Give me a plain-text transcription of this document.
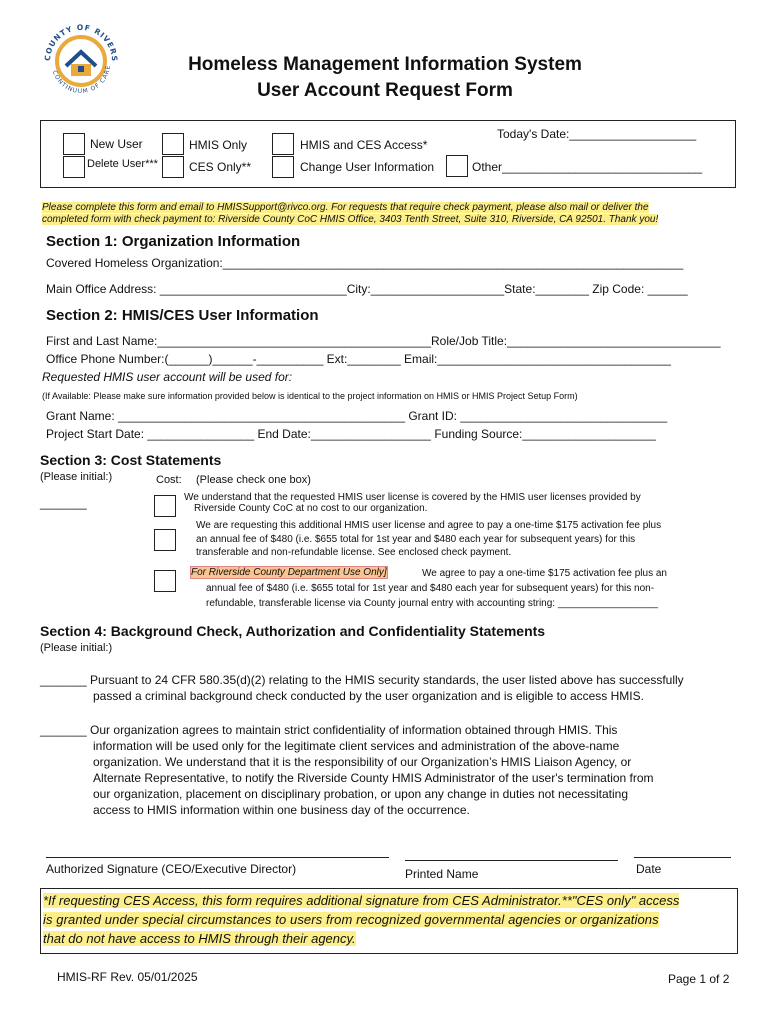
COUNTY OF RIVERS
CONTINUUM OF CARE	Homeless Management Information System
User Account Request Form
New User
Delete User***
HMIS Only
CES Only**
HMIS and CES Access*
Change User Information
Today's Date:___________________
Other______________________________
Please complete this form and email to HMISSupport@rivco.org. For requests that require check payment, please also mail or deliver the
completed form with check payment to: Riverside County CoC HMIS Office, 3403 Tenth Street, Suite 310, Riverside, CA 92501. Thank you!
Section 1: Organization Information
Covered Homeless Organization:_____________________________________________________________________
Main Office Address: ____________________________City:____________________State:________ Zip Code: ______
Section 2: HMIS/CES User Information
First and Last Name:_________________________________________Role/Job Title:________________________________
Office Phone Number:(______)______-__________ Ext:________ Email:___________________________________
Requested HMIS user account will be used for:
(If Available: Please make sure information provided below is identical to the project information on HMIS or HMIS Project Setup Form)
Grant Name: ___________________________________________ Grant ID: _______________________________
Project Start Date: ________________ End Date:__________________ Funding Source:____________________
Section 3: Cost Statements
(Please initial:)	Cost: (Please check one box)
_______	We understand that the requested HMIS user license is covered by the HMIS user licenses provided by
Riverside County CoC at no cost to our organization.
We are requesting this additional HMIS user license and agree to pay a one-time $175 activation fee plus
an annual fee of $480 (i.e. $655 total for 1st year and $480 each year for subsequent years) for this
transferable and non-refundable license. See enclosed check payment.
For Riverside County Department Use Only]	We agree to pay a one-time $175 activation fee plus an
annual fee of $480 (i.e. $655 total for 1st year and $480 each year for subsequent years) for this non-
refundable, transferable license via County journal entry with accounting string: __________________
Section 4: Background Check, Authorization and Confidentiality Statements
(Please initial:)
_______ Pursuant to 24 CFR 580.35(d)(2) relating to the HMIS security standards, the user listed above has successfully
passed a criminal background check conducted by the user organization and is eligible to access HMIS.
_______ Our organization agrees to maintain strict confidentiality of information obtained through HMIS. This
information will be used only for the legitimate client services and administration of the above-name
organization. We understand that it is the responsibility of our Organization’s HMIS Liaison Agency, or
Alternate Representative, to notify the Riverside County HMIS Administrator of the user's termination from
our organization, placement on disciplinary probation, or upon any change in duties not necessitating
access to HMIS information within one business day of the occurrence.
Authorized Signature (CEO/Executive Director)	Printed Name	Date
*If requesting CES Access, this form requires additional signature from CES Administrator.**"CES only" access
is granted under special circumstances to users from recognized governmental agencies or organizations
that do not have access to HMIS through their agency.
HMIS-RF Rev. 05/01/2025	Page 1 of 2
